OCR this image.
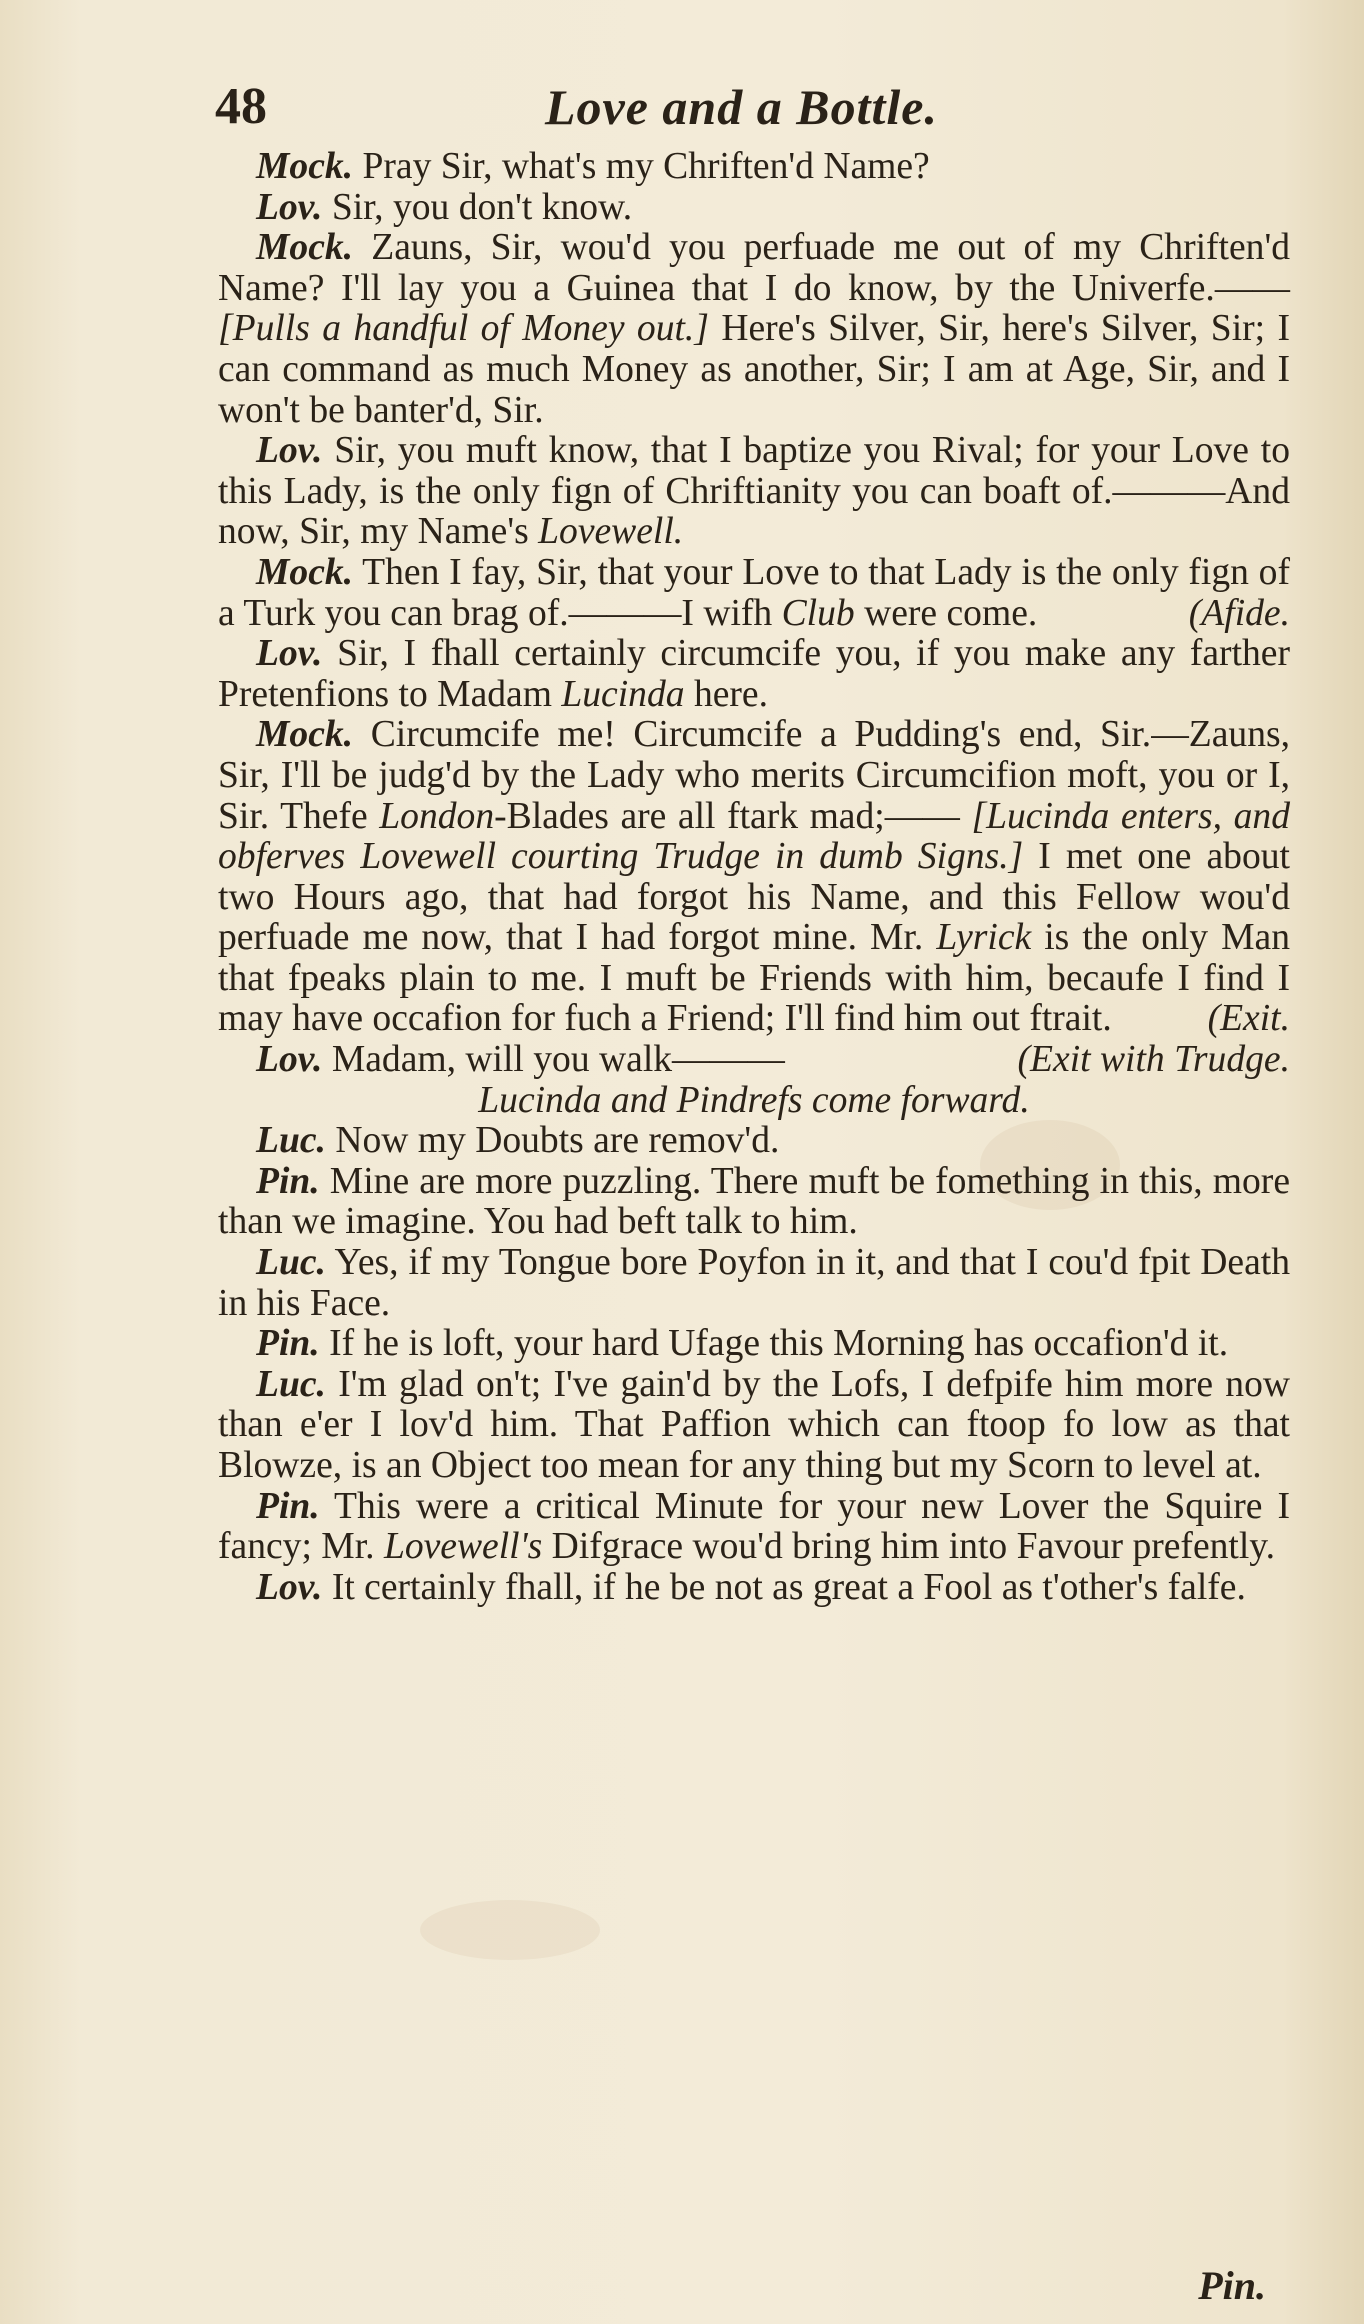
48	Love and a Bottle.

Mock. Pray Sir, what's my Chriften'd Name?

Lov. Sir, you don't know.

Mock. Zauns, Sir, wou'd you perfuade me out of my Chriften'd Name? I'll lay you a Guinea that I do know, by the Univerfe.——[Pulls a handful of Money out.] Here's Silver, Sir, here's Silver, Sir; I can command as much Money as another, Sir; I am at Age, Sir, and I won't be banter'd, Sir.

Lov. Sir, you muft know, that I baptize you Rival; for your Love to this Lady, is the only fign of Chriftianity you can boaft of.———And now, Sir, my Name's Lovewell.

Mock. Then I fay, Sir, that your Love to that Lady is the only fign of a Turk you can brag of.———I wifh Club were come.	(Afide.

Lov. Sir, I fhall certainly circumcife you, if you make any farther Pretenfions to Madam Lucinda here.

Mock. Circumcife me! Circumcife a Pudding's end, Sir.—Zauns, Sir, I'll be judg'd by the Lady who merits Circumcifion moft, you or I, Sir. Thefe London-Blades are all ftark mad;—— [Lucinda enters, and obferves Lovewell courting Trudge in dumb Signs.] I met one about two Hours ago, that had forgot his Name, and this Fellow wou'd perfuade me now, that I had forgot mine. Mr. Lyrick is the only Man that fpeaks plain to me. I muft be Friends with him, becaufe I find I may have occafion for fuch a Friend; I'll find him out ftrait.	(Exit.

Lov. Madam, will you walk———	(Exit with Trudge.

Lucinda and Pindrefs come forward.

Luc. Now my Doubts are remov'd.

Pin. Mine are more puzzling. There muft be fomething in this, more than we imagine. You had beft talk to him.

Luc. Yes, if my Tongue bore Poyfon in it, and that I cou'd fpit Death in his Face.

Pin. If he is loft, your hard Ufage this Morning has occafion'd it.

Luc. I'm glad on't; I've gain'd by the Lofs, I defpife him more now than e'er I lov'd him. That Paffion which can ftoop fo low as that Blowze, is an Object too mean for any thing but my Scorn to level at.

Pin. This were a critical Minute for your new Lover the Squire I fancy; Mr. Lovewell's Difgrace wou'd bring him into Favour prefently.

Lov. It certainly fhall, if he be not as great a Fool as t'other's falfe.

Pin.
